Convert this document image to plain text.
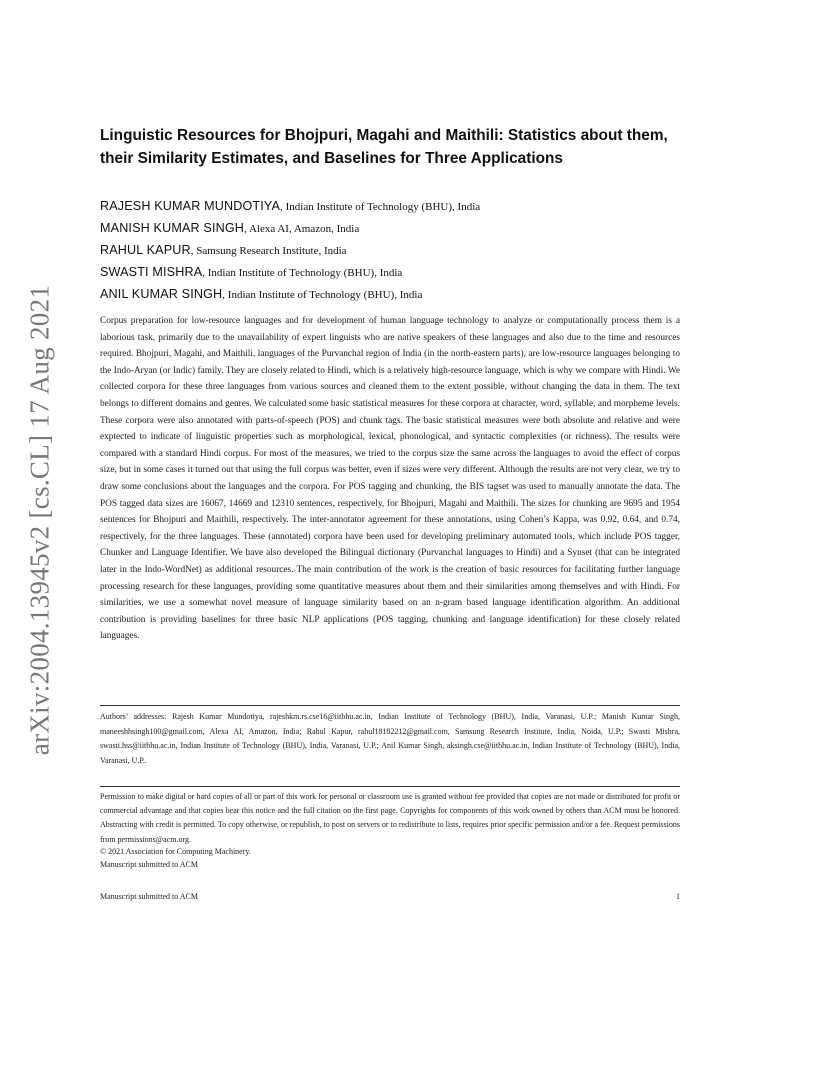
arXiv:2004.13945v2 [cs.CL] 17 Aug 2021
Linguistic Resources for Bhojpuri, Magahi and Maithili: Statistics about them, their Similarity Estimates, and Baselines for Three Applications
RAJESH KUMAR MUNDOTIYA, Indian Institute of Technology (BHU), India
MANISH KUMAR SINGH, Alexa AI, Amazon, India
RAHUL KAPUR, Samsung Research Institute, India
SWASTI MISHRA, Indian Institute of Technology (BHU), India
ANIL KUMAR SINGH, Indian Institute of Technology (BHU), India

Corpus preparation for low-resource languages and for development of human language technology to analyze or computationally process them is a laborious task, primarily due to the unavailability of expert linguists who are native speakers of these languages and also due to the time and resources required. Bhojpuri, Magahi, and Maithili, languages of the Purvanchal region of India (in the north-eastern parts), are low-resource languages belonging to the Indo-Aryan (or Indic) family. They are closely related to Hindi, which is a relatively high-resource language, which is why we compare with Hindi. We collected corpora for these three languages from various sources and cleaned them to the extent possible, without changing the data in them. The text belongs to different domains and genres. We calculated some basic statistical measures for these corpora at character, word, syllable, and morpheme levels. These corpora were also annotated with parts-of-speech (POS) and chunk tags. The basic statistical measures were both absolute and relative and were exptected to indicate of linguistic properties such as morphological, lexical, phonological, and syntactic complexities (or richness). The results were compared with a standard Hindi corpus. For most of the measures, we tried to the corpus size the same across the languages to avoid the effect of corpus size, but in some cases it turned out that using the full corpus was better, even if sizes were very different. Although the results are not very clear, we try to draw some conclusions about the languages and the corpora. For POS tagging and chunking, the BIS tagset was used to manually annotate the data. The POS tagged data sizes are 16067, 14669 and 12310 sentences, respectively, for Bhojpuri, Magahi and Maithili. The sizes for chunking are 9695 and 1954 sentences for Bhojpuri and Maithili, respectively. The inter-annotator agreement for these annotations, using Cohen’s Kappa, was 0.92, 0.64, and 0.74, respectively, for the three languages. These (annotated) corpora have been used for developing preliminary automated tools, which include POS tagger, Chunker and Language Identifier. We have also developed the Bilingual dictionary (Purvanchal languages to Hindi) and a Synset (that can be integrated later in the Indo-WordNet) as additional resources. The main contribution of the work is the creation of basic resources for facilitating further language processing research for these languages, providing some quantitative measures about them and their similarities among themselves and with Hindi. For similarities, we use a somewhat novel measure of language similarity based on an n-gram based language identification algorithm. An additional contribution is providing baselines for three basic NLP applications (POS tagging, chunking and language identification) for these closely related languages.

Authors’ addresses: Rajesh Kumar Mundotiya, rajeshkm.rs.cse16@iitbhu.ac.in, Indian Institute of Technology (BHU), India, Varanasi, U.P.; Manish Kumar Singh, maneeshhsingh100@gmail.com, Alexa AI, Amazon, India; Rahul Kapur, rahul18182212@gmail.com, Samsung Research Institute, India, Noida, U.P.; Swasti Mishra, swasti.hss@iitbhu.ac.in, Indian Institute of Technology (BHU), India, Varanasi, U.P.; Anil Kumar Singh, aksingh.cse@iitbhu.ac.in, Indian Institute of Technology (BHU), India, Varanasi, U.P..

Permission to make digital or hard copies of all or part of this work for personal or classroom use is granted without fee provided that copies are not made or distributed for profit or commercial advantage and that copies bear this notice and the full citation on the first page. Copyrights for components of this work owned by others than ACM must be honored. Abstracting with credit is permitted. To copy otherwise, or republish, to post on servers or to redistribute to lists, requires prior specific permission and/or a fee. Request permissions from permissions@acm.org.

© 2021 Association for Computing Machinery.
Manuscript submitted to ACM
Manuscript submitted to ACM	1
